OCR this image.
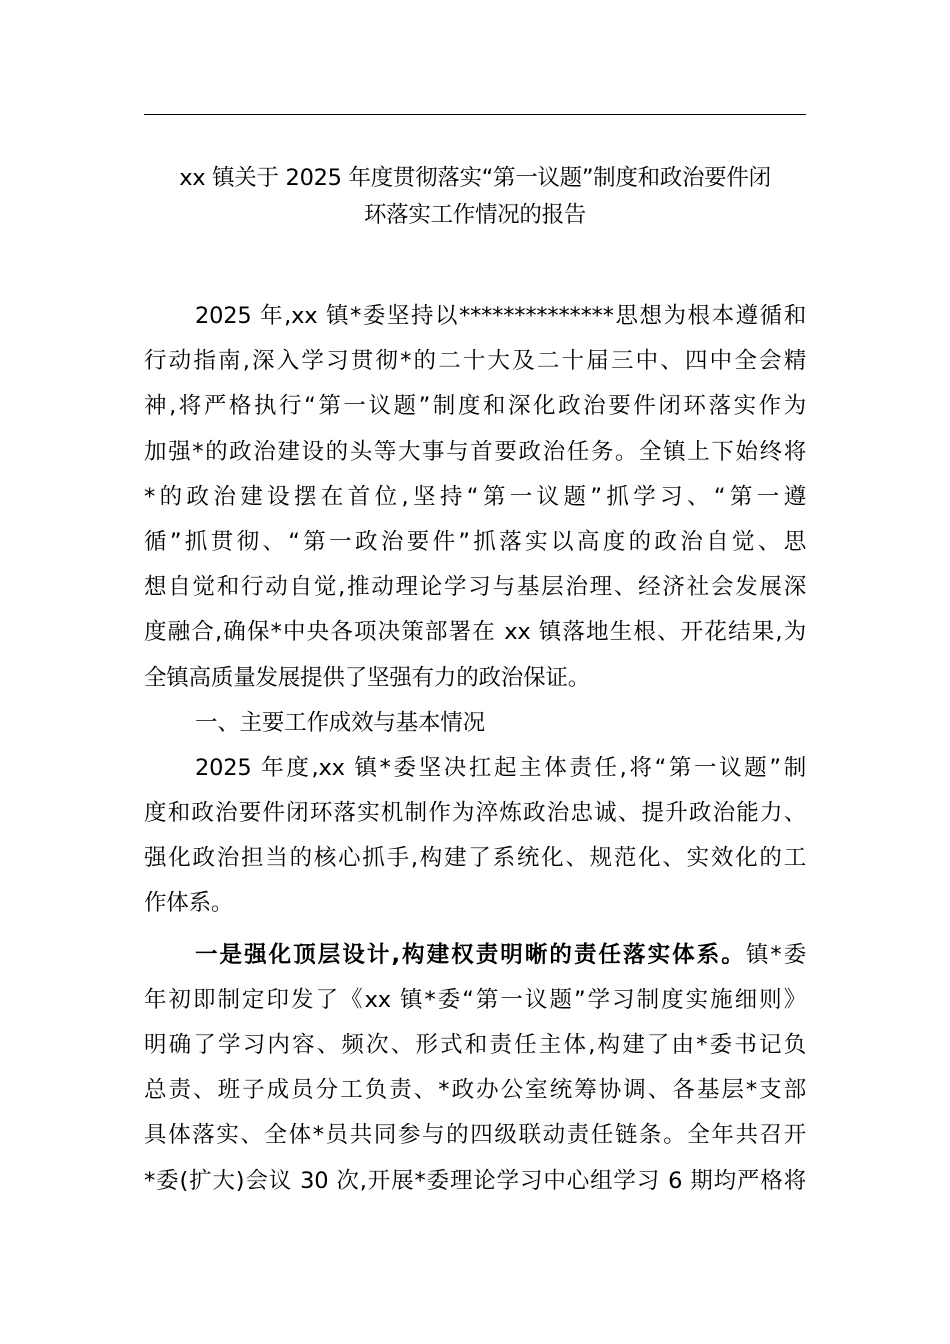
xx 镇关于 2025 年度贯彻落实“第一议题”制度和政治要件闭
环落实工作情况的报告
2025 年,xx 镇*委坚持以**************思想为根本遵循和
行动指南,深入学习贯彻*的二十大及二十届三中、四中全会精
神,将严格执行“第一议题”制度和深化政治要件闭环落实作为
加强*的政治建设的头等大事与首要政治任务。全镇上下始终将
*的政治建设摆在首位,坚持“第一议题”抓学习、“第一遵
循”抓贯彻、“第一政治要件”抓落实以高度的政治自觉、思
想自觉和行动自觉,推动理论学习与基层治理、经济社会发展深
度融合,确保*中央各项决策部署在 xx 镇落地生根、开花结果,为
全镇高质量发展提供了坚强有力的政治保证。
一、主要工作成效与基本情况
2025 年度,xx 镇*委坚决扛起主体责任,将“第一议题”制
度和政治要件闭环落实机制作为淬炼政治忠诚、提升政治能力、
强化政治担当的核心抓手,构建了系统化、规范化、实效化的工
作体系。
一是强化顶层设计,构建权责明晰的责任落实体系。镇*委
年初即制定印发了《xx 镇*委“第一议题”学习制度实施细则》
明确了学习内容、频次、形式和责任主体,构建了由*委书记负
总责、班子成员分工负责、*政办公室统筹协调、各基层*支部
具体落实、全体*员共同参与的四级联动责任链条。全年共召开
*委(扩大)会议 30 次,开展*委理论学习中心组学习 6 期均严格将
